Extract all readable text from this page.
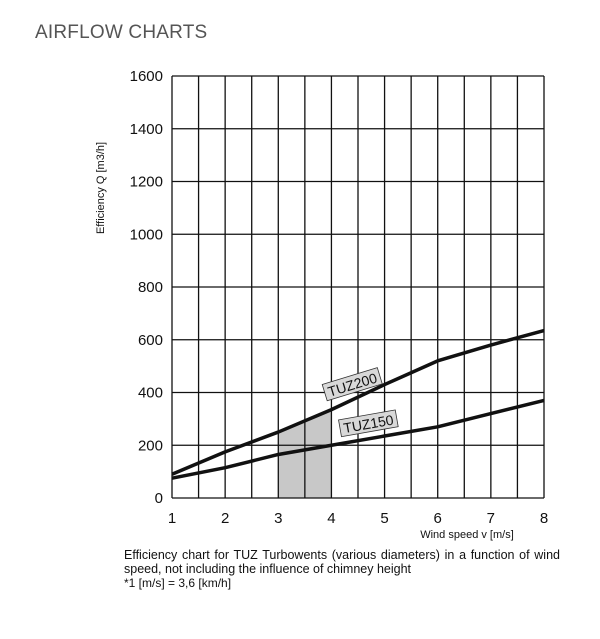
AIRFLOW CHARTS
TUZ200
TUZ150
0
200
400
600
800
1000
1200
1400
1600
1	2	3	4	5	6	7	8
Efficiency Q [m3/h]
Wind speed v [m/s]
Efficiency chart for TUZ Turbowents (various diameters) in a function of wind speed, not including the influence of chimney height
*1 [m/s] = 3,6 [km/h]
